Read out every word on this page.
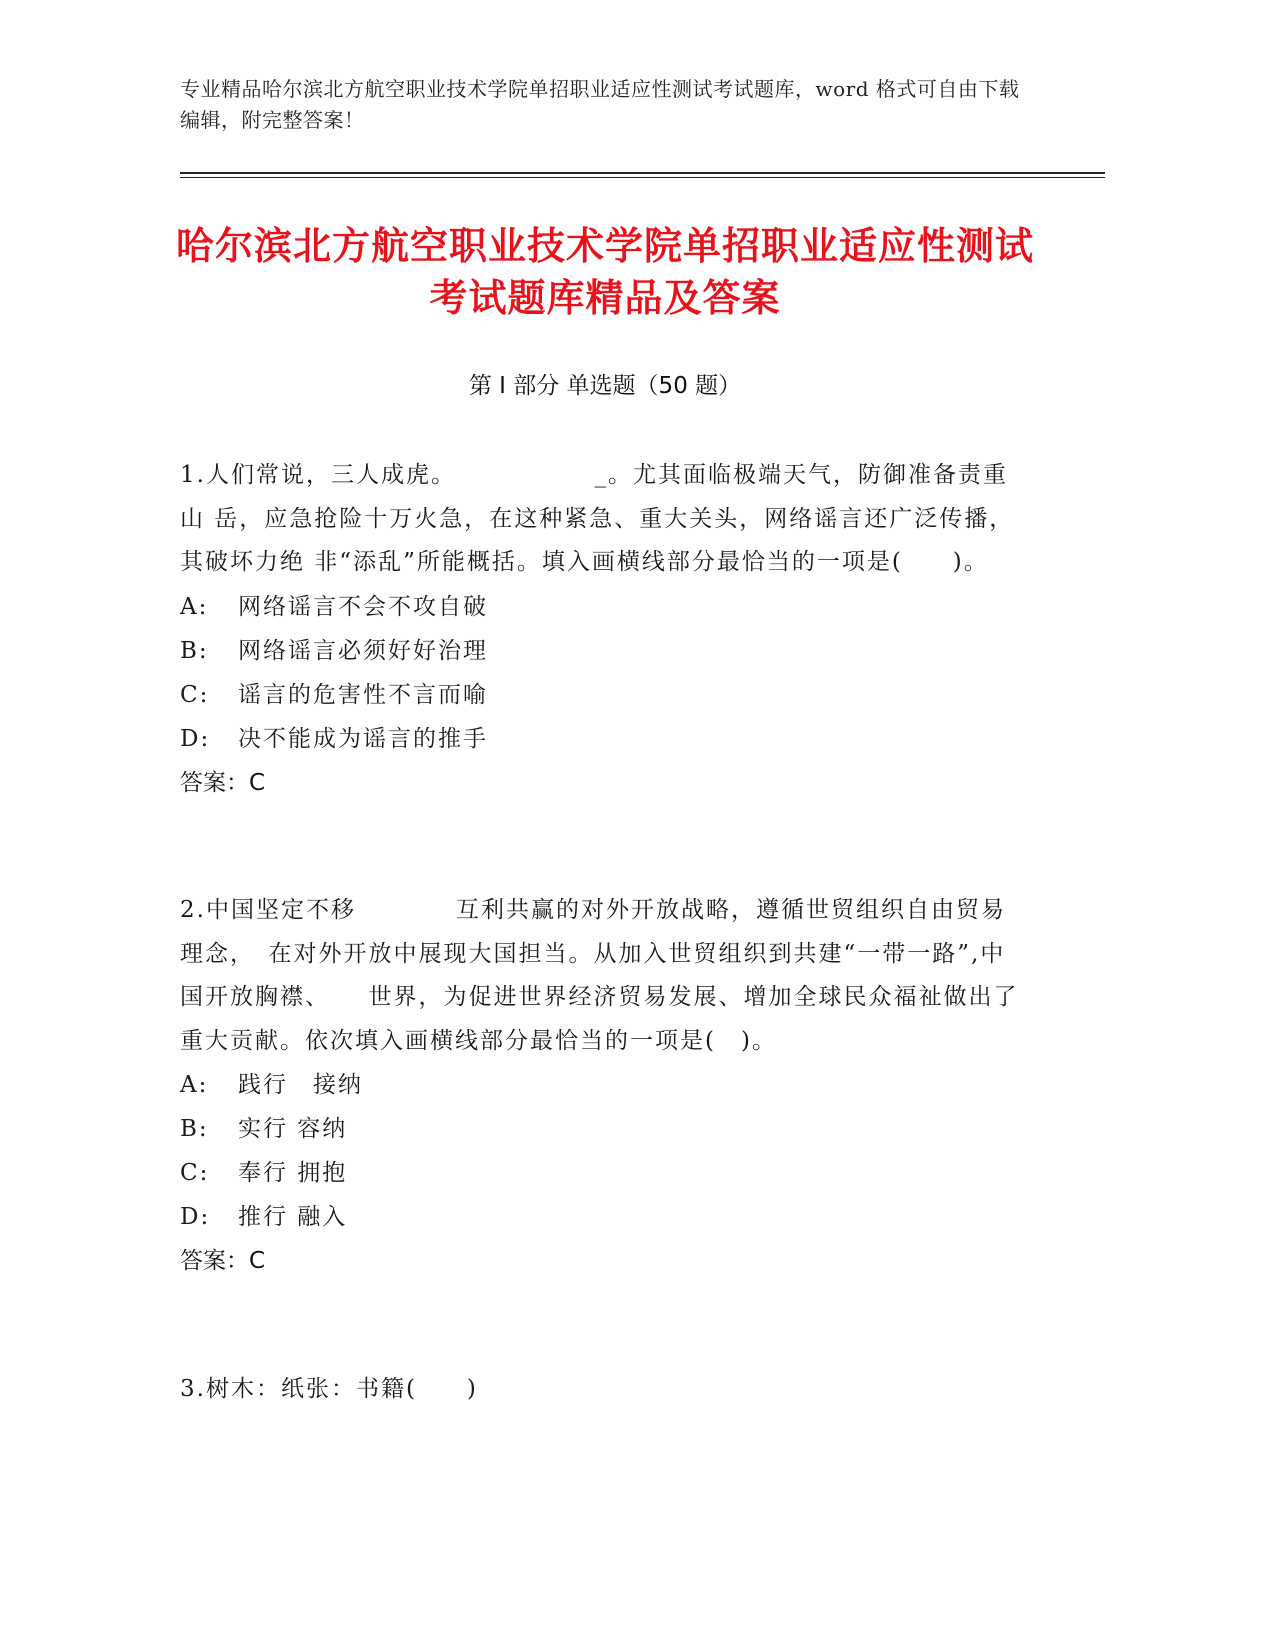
专业精品哈尔滨北方航空职业技术学院单招职业适应性测试考试题库，word 格式可自由下载编辑，附完整答案！
哈尔滨北方航空职业技术学院单招职业适应性测试考试题库精品及答案
第 I 部分 单选题（50 题）

1.人们常说，三人成虎。　　　　　　_。尤其面临极端天气，防御准备责重山 岳，应急抢险十万火急，在这种紧急、重大关头，网络谣言还广泛传播，其破坏力绝 非“添乱”所能概括。填入画横线部分最恰当的一项是(　　)。

A: 网络谣言不会不攻自破
B: 网络谣言必须好好治理
C: 谣言的危害性不言而喻
D: 决不能成为谣言的推手
答案：C

2.中国坚定不移　　　　互利共赢的对外开放战略，遵循世贸组织自由贸易理念，　在对外开放中展现大国担当。从加入世贸组织到共建“一带一路”,中国开放胸襟、　　世界，为促进世界经济贸易发展、增加全球民众福祉做出了重大贡献。依次填入画横线部分最恰当的一项是(　)。

A: 践行　接纳
B: 实行 容纳
C: 奉行 拥抱
D: 推行 融入
答案：C

3.树木：纸张：书籍(　　)
